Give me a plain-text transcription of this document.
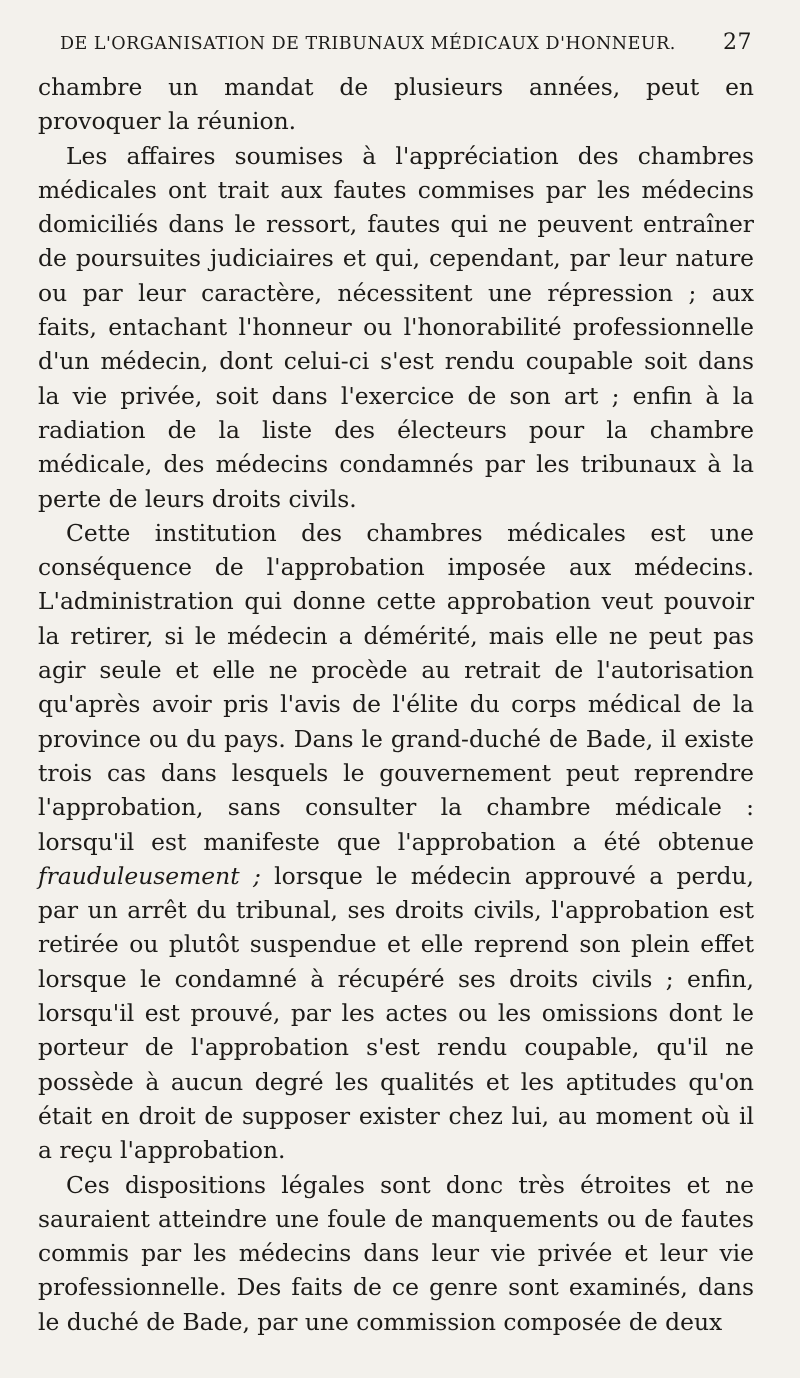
DE L'ORGANISATION DE TRIBUNAUX MÉDICAUX D'HONNEUR. 27

chambre un mandat de plusieurs années, peut en provoquer la réunion.

Les affaires soumises à l'appréciation des chambres médicales ont trait aux fautes commises par les médecins domiciliés dans le ressort, fautes qui ne peuvent entraîner de poursuites judiciaires et qui, cependant, par leur nature ou par leur caractère, nécessitent une répression ; aux faits, entachant l'honneur ou l'honorabilité professionnelle d'un médecin, dont celui-ci s'est rendu coupable soit dans la vie privée, soit dans l'exercice de son art ; enfin à la radiation de la liste des électeurs pour la chambre médicale, des médecins condamnés par les tribunaux à la perte de leurs droits civils.

Cette institution des chambres médicales est une conséquence de l'approbation imposée aux médecins. L'administration qui donne cette approbation veut pouvoir la retirer, si le médecin a démérité, mais elle ne peut pas agir seule et elle ne procède au retrait de l'autorisation qu'après avoir pris l'avis de l'élite du corps médical de la province ou du pays. Dans le grand-duché de Bade, il existe trois cas dans lesquels le gouvernement peut reprendre l'approbation, sans consulter la chambre médicale : lorsqu'il est manifeste que l'approbation a été obtenue frauduleusement ; lorsque le médecin approuvé a perdu, par un arrêt du tribunal, ses droits civils, l'approbation est retirée ou plutôt suspendue et elle reprend son plein effet lorsque le condamné à récupéré ses droits civils ; enfin, lorsqu'il est prouvé, par les actes ou les omissions dont le porteur de l'approbation s'est rendu coupable, qu'il ne possède à aucun degré les qualités et les aptitudes qu'on était en droit de supposer exister chez lui, au moment où il a reçu l'approbation.

Ces dispositions légales sont donc très étroites et ne sauraient atteindre une foule de manquements ou de fautes commis par les médecins dans leur vie privée et leur vie professionnelle. Des faits de ce genre sont examinés, dans le duché de Bade, par une commission composée de deux
